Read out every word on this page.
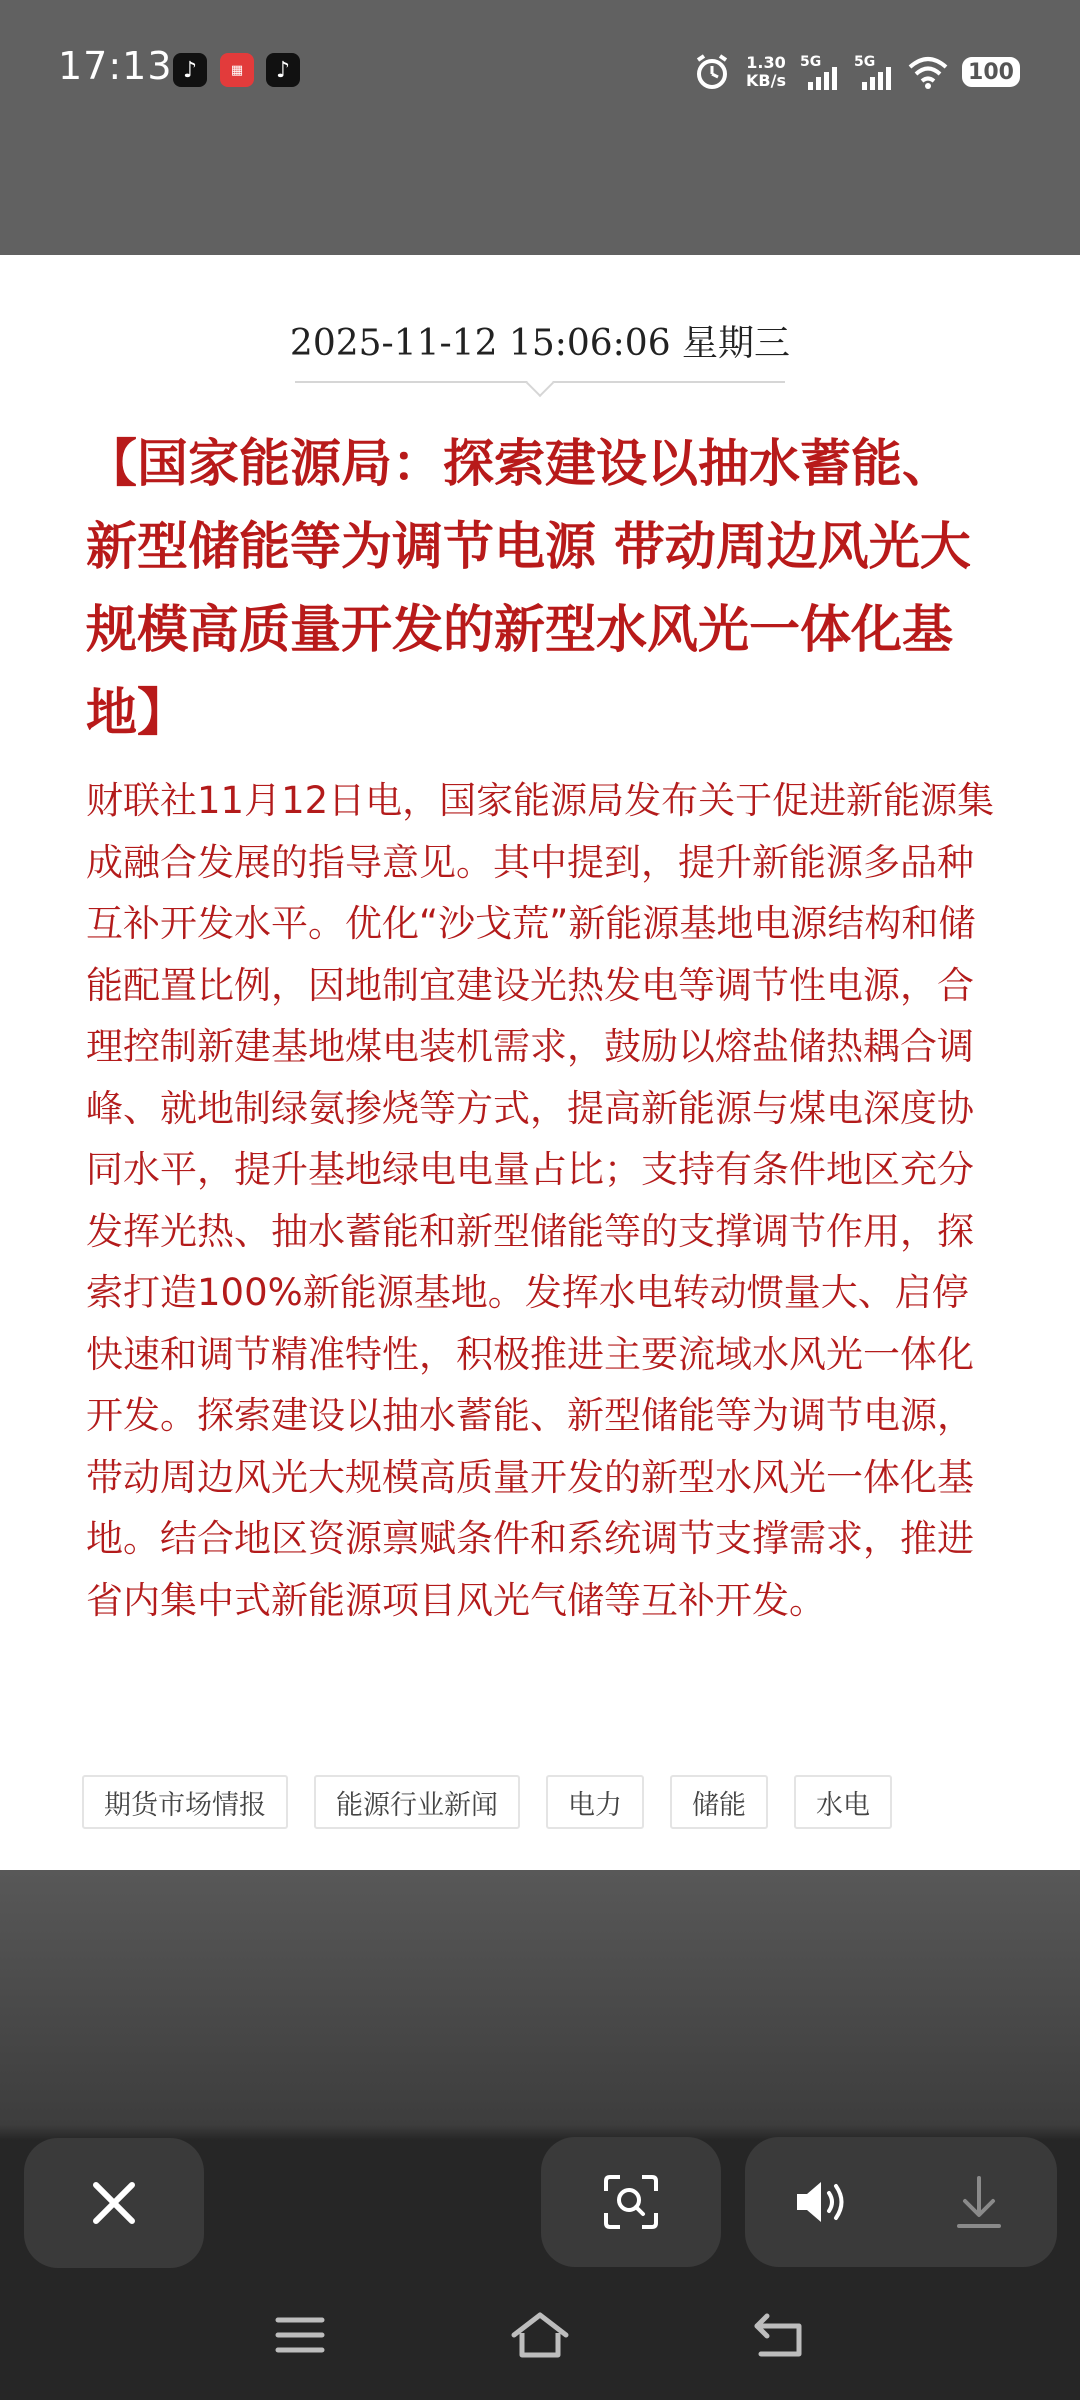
17:13 ♪	▦	♪	1.30
KB/s
5G 5G	100
2025-11-12 15:06:06 星期三

【国家能源局：探索建设以抽水蓄能、新型储能等为调节电源 带动周边风光大规模高质量开发的新型水风光一体化基地】

财联社11月12日电，国家能源局发布关于促进新能源集成融合发展的指导意见。其中提到，提升新能源多品种互补开发水平。优化“沙戈荒”新能源基地电源结构和储能配置比例，因地制宜建设光热发电等调节性电源，合理控制新建基地煤电装机需求，鼓励以熔盐储热耦合调峰、就地制绿氨掺烧等方式，提高新能源与煤电深度协同水平，提升基地绿电电量占比；支持有条件地区充分发挥光热、抽水蓄能和新型储能等的支撑调节作用，探索打造100%新能源基地。发挥水电转动惯量大、启停快速和调节精准特性，积极推进主要流域水风光一体化开发。探索建设以抽水蓄能、新型储能等为调节电源，带动周边风光大规模高质量开发的新型水风光一体化基地。结合地区资源禀赋条件和系统调节支撑需求，推进省内集中式新能源项目风光气储等互补开发。

期货市场情报	能源行业新闻	电力	储能	水电
